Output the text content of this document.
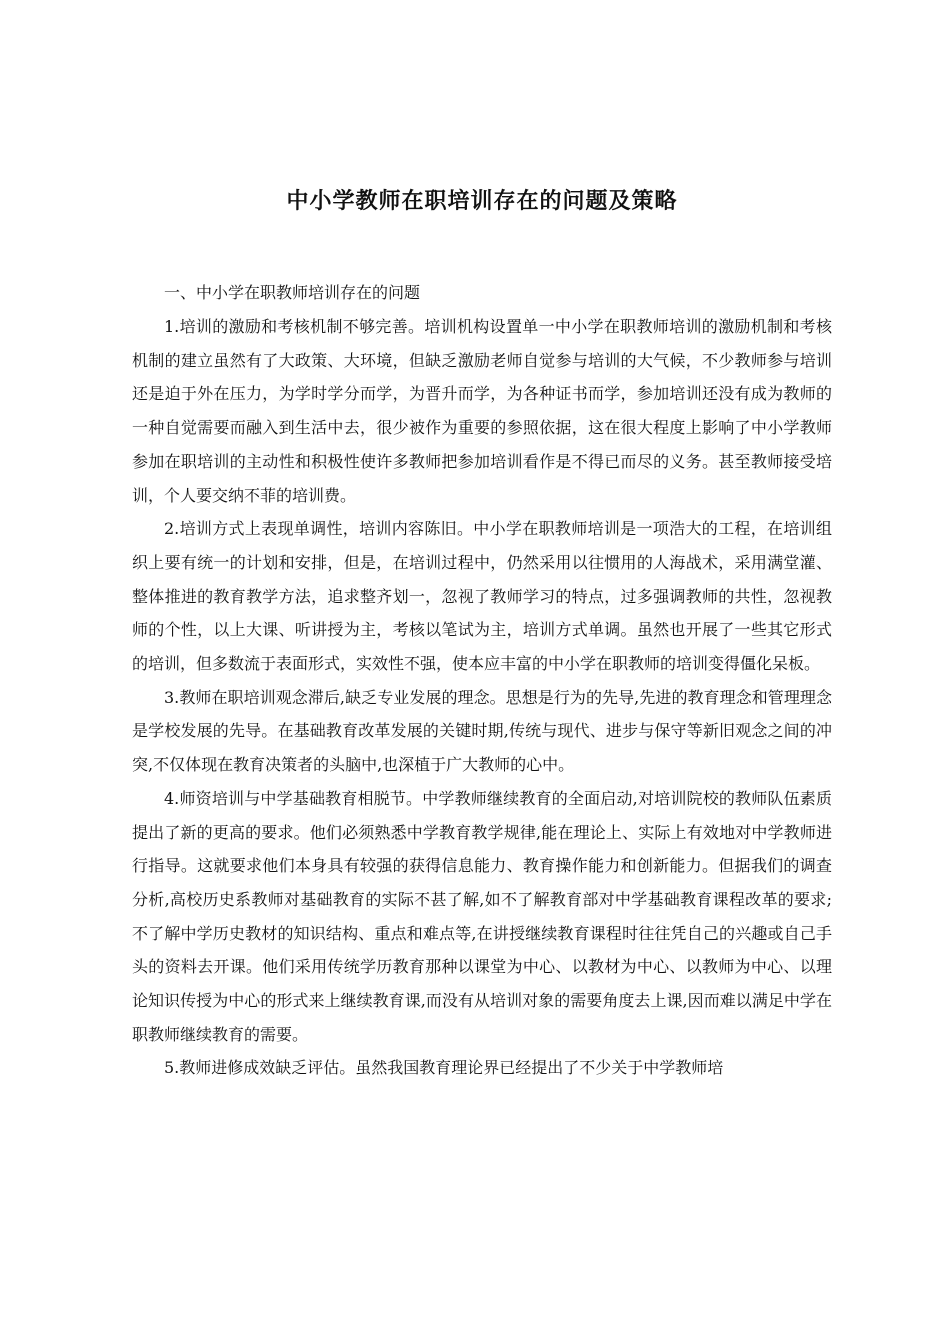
中小学教师在职培训存在的问题及策略

一、中小学在职教师培训存在的问题

1.培训的激励和考核机制不够完善。培训机构设置单一中小学在职教师培训的激励机制和考核机制的建立虽然有了大政策、大环境，但缺乏激励老师自觉参与培训的大气候，不少教师参与培训还是迫于外在压力，为学时学分而学，为晋升而学，为各种证书而学，参加培训还没有成为教师的一种自觉需要而融入到生活中去，很少被作为重要的参照依据，这在很大程度上影响了中小学教师参加在职培训的主动性和积极性使许多教师把参加培训看作是不得已而尽的义务。甚至教师接受培训，个人要交纳不菲的培训费。

2.培训方式上表现单调性，培训内容陈旧。中小学在职教师培训是一项浩大的工程，在培训组织上要有统一的计划和安排，但是，在培训过程中，仍然采用以往惯用的人海战术，采用满堂灌、整体推进的教育教学方法，追求整齐划一，忽视了教师学习的特点，过多强调教师的共性，忽视教师的个性，以上大课、听讲授为主，考核以笔试为主，培训方式单调。虽然也开展了一些其它形式的培训，但多数流于表面形式，实效性不强，使本应丰富的中小学在职教师的培训变得僵化呆板。

3.教师在职培训观念滞后,缺乏专业发展的理念。思想是行为的先导,先进的教育理念和管理理念是学校发展的先导。在基础教育改革发展的关键时期,传统与现代、进步与保守等新旧观念之间的冲突,不仅体现在教育决策者的头脑中,也深植于广大教师的心中。

4.师资培训与中学基础教育相脱节。中学教师继续教育的全面启动,对培训院校的教师队伍素质提出了新的更高的要求。他们必须熟悉中学教育教学规律,能在理论上、实际上有效地对中学教师进行指导。这就要求他们本身具有较强的获得信息能力、教育操作能力和创新能力。但据我们的调查分析,高校历史系教师对基础教育的实际不甚了解,如不了解教育部对中学基础教育课程改革的要求;不了解中学历史教材的知识结构、重点和难点等,在讲授继续教育课程时往往凭自己的兴趣或自己手头的资料去开课。他们采用传统学历教育那种以课堂为中心、以教材为中心、以教师为中心、以理论知识传授为中心的形式来上继续教育课,而没有从培训对象的需要角度去上课,因而难以满足中学在职教师继续教育的需要。

5.教师进修成效缺乏评估。虽然我国教育理论界已经提出了不少关于中学教师培
